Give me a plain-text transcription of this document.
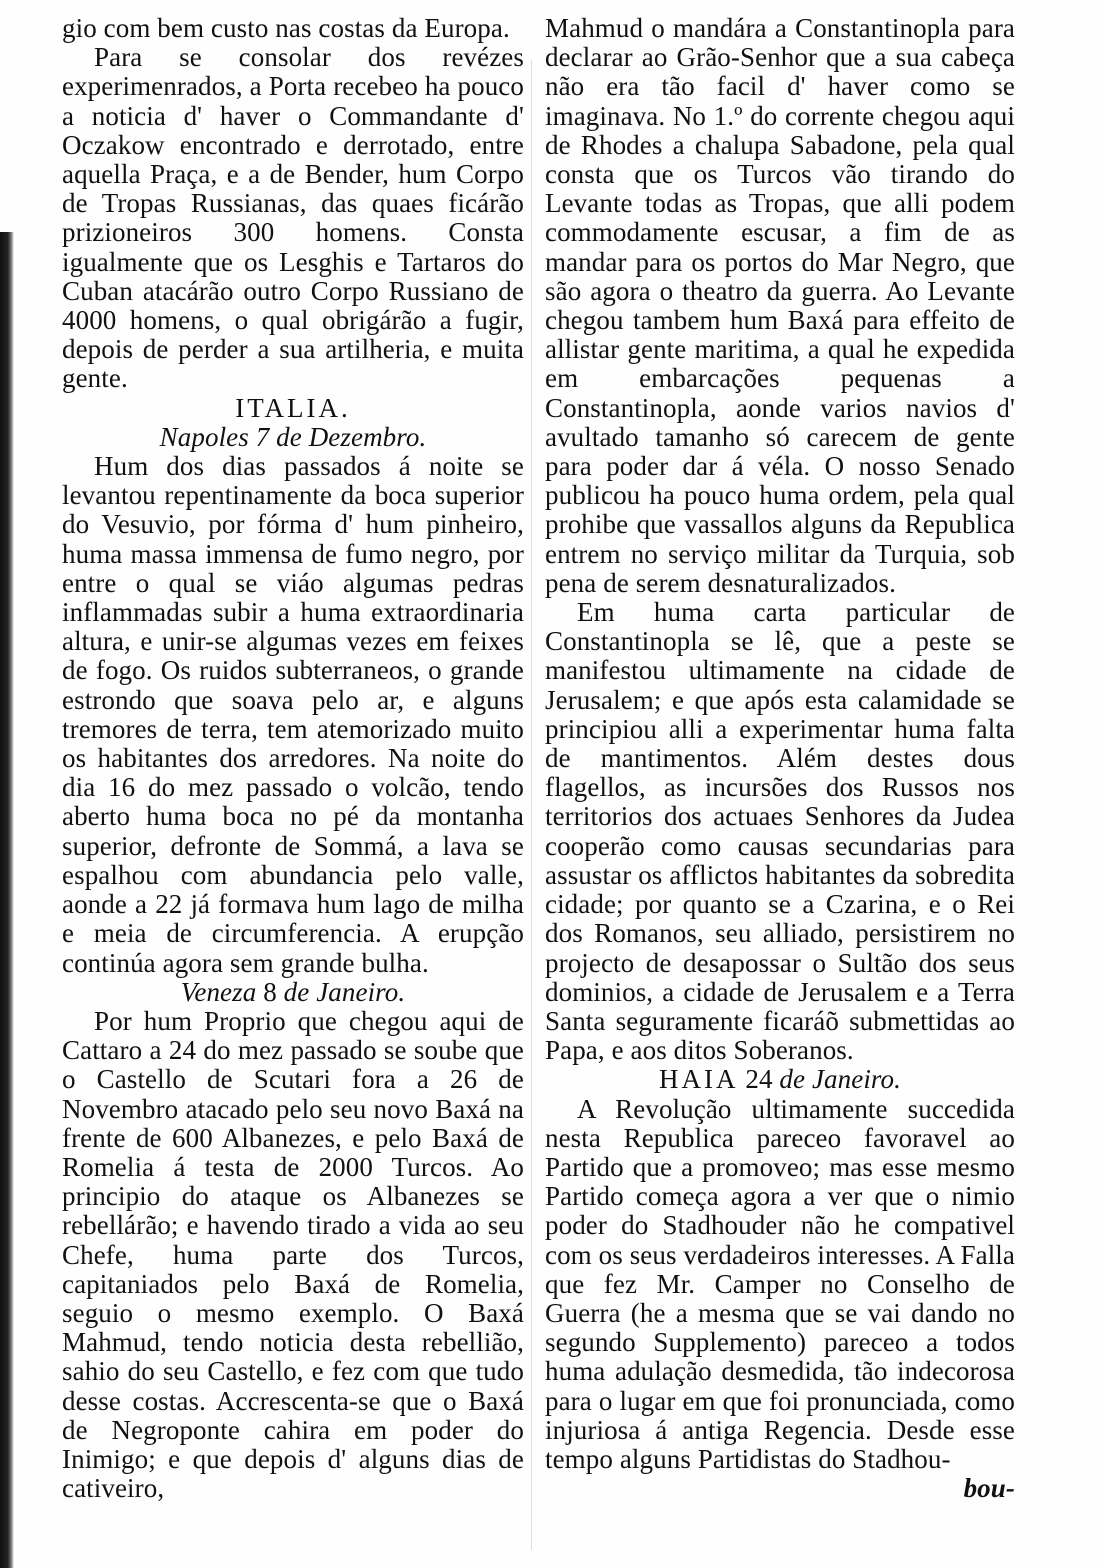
gio com bem custo nas costas da Europa.

Para se consolar dos revézes experimenrados, a Porta recebeo ha pouco a noticia d' haver o Commandante d' Oczakow encontrado e derrotado, entre aquella Praça, e a de Bender, hum Corpo de Tropas Russianas, das quaes ficárão prizioneiros 300 homens. Consta igualmente que os Lesghis e Tartaros do Cuban atacárão outro Corpo Russiano de 4000 homens, o qual obrigárão a fugir, depois de perder a sua artilheria, e muita gente.

ITALIA.

Napoles 7 de Dezembro.

Hum dos dias passados á noite se levantou repentinamente da boca superior do Vesuvio, por fórma d' hum pinheiro, huma massa immensa de fumo negro, por entre o qual se viáo algumas pedras inflammadas subir a huma extraordinaria altura, e unir-se algumas vezes em feixes de fogo. Os ruidos subterraneos, o grande estrondo que soava pelo ar, e alguns tremores de terra, tem atemorizado muito os habitantes dos arredores. Na noite do dia 16 do mez passado o volcão, tendo aberto huma boca no pé da montanha superior, defronte de Sommá, a lava se espalhou com abundancia pelo valle, aonde a 22 já formava hum lago de milha e meia de circumferencia. A erupção continúa agora sem grande bulha.

Veneza 8 de Janeiro.

Por hum Proprio que chegou aqui de Cattaro a 24 do mez passado se soube que o Castello de Scutari fora a 26 de Novembro atacado pelo seu novo Baxá na frente de 600 Albanezes, e pelo Baxá de Romelia á testa de 2000 Turcos. Ao principio do ataque os Albanezes se rebellárão; e havendo tirado a vida ao seu Chefe, huma parte dos Turcos, capitaniados pelo Baxá de Romelia, seguio o mesmo exemplo. O Baxá Mahmud, tendo noticia desta rebellião, sahio do seu Castello, e fez com que tudo desse costas. Accrescenta-se que o Baxá de Negroponte cahira em poder do Inimigo; e que depois d' alguns dias de cativeiro,

Mahmud o mandára a Constantinopla para declarar ao Grão-Senhor que a sua cabeça não era tão facil d' haver como se imaginava. No 1.º do corrente chegou aqui de Rhodes a chalupa Sabadone, pela qual consta que os Turcos vão tirando do Levante todas as Tropas, que alli podem commodamente escusar, a fim de as mandar para os portos do Mar Negro, que são agora o theatro da guerra. Ao Levante chegou tambem hum Baxá para effeito de allistar gente maritima, a qual he expedida em embarcações pequenas a Constantinopla, aonde varios navios d' avultado tamanho só carecem de gente para poder dar á véla. O nosso Senado publicou ha pouco huma ordem, pela qual prohibe que vassallos alguns da Republica entrem no serviço militar da Turquia, sob pena de serem desnaturalizados.

Em huma carta particular de Constantinopla se lê, que a peste se manifestou ultimamente na cidade de Jerusalem; e que após esta calamidade se principiou alli a experimentar huma falta de mantimentos. Além destes dous flagellos, as incursões dos Russos nos territorios dos actuaes Senhores da Judea cooperão como causas secundarias para assustar os afflictos habitantes da sobredita cidade; por quanto se a Czarina, e o Rei dos Romanos, seu alliado, persistirem no projecto de desapossar o Sultão dos seus dominios, a cidade de Jerusalem e a Terra Santa seguramente ficaráõ submettidas ao Papa, e aos ditos Soberanos.

HAIA 24 de Janeiro.

A Revolução ultimamente succedida nesta Republica pareceo favoravel ao Partido que a promoveo; mas esse mesmo Partido começa agora a ver que o nimio poder do Stadhouder não he compativel com os seus verdadeiros interesses. A Falla que fez Mr. Camper no Conselho de Guerra (he a mesma que se vai dando no segundo Supplemento) pareceo a todos huma adulação desmedida, tão indecorosa para o lugar em que foi pronunciada, como injuriosa á antiga Regencia. Desde esse tempo alguns Partidistas do Stadhou-

bou-
